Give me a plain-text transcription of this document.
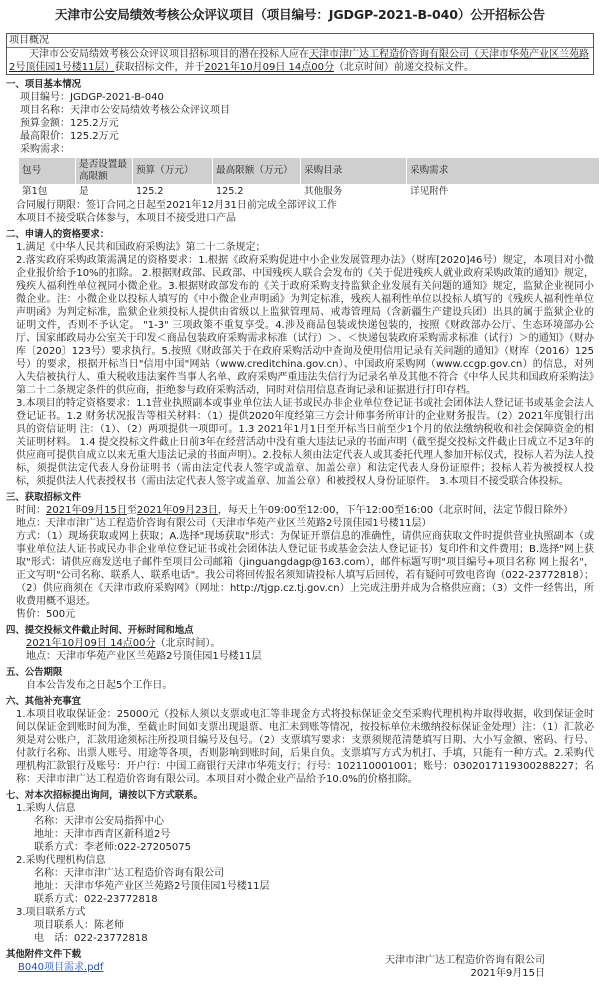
天津市公安局绩效考核公众评议项目（项目编号：JGDGP-2021-B-040）公开招标公告
项目概况
天津市公安局绩效考核公众评议项目招标项目的潜在投标人应在天津市津广达工程造价咨询有限公司（天津市华苑产业区兰苑路2号顶佳园1号楼11层）获取招标文件，并于2021年10月09日 14点00分（北京时间）前递交投标文件。
一、项目基本情况
项目编号：JGDGP-2021-B-040
项目名称：天津市公安局绩效考核公众评议项目
预算金额：125.2万元
最高限价：125.2万元
采购需求：
包号	是否设置最高限额	预算（万元）	最高限额（万元）	采购目录	采购需求
第1包	是	125.2	125.2	其他服务	详见附件
合同履行期限：签订合同之日起至2021年12月31日前完成全部评议工作
本项目不接受联合体参与，本项目不接受进口产品
二、申请人的资格要求：
1.满足《中华人民共和国政府采购法》第二十二条规定；
2.落实政府采购政策需满足的资格要求：1.根据《政府采购促进中小企业发展管理办法》（财库[2020]46号）规定，本项目对小微企业报价给予10%的扣除。 2.根据财政部、民政部、中国残疾人联合会发布的《关于促进残疾人就业政府采购政策的通知》规定，残疾人福利性单位视同小微企业。3.根据财政部发布的《关于政府采购支持监狱企业发展有关问题的通知》规定，监狱企业视同小微企业。注：小微企业以投标人填写的《中小微企业声明函》为判定标准，残疾人福利性单位以投标人填写的《残疾人福利性单位声明函》为判定标准，监狱企业须投标人提供由省级以上监狱管理局、戒毒管理局（含新疆生产建设兵团）出具的属于监狱企业的证明文件，否则不予认定。 "1-3" 三项政策不重复享受。4.涉及商品包装或快递包装的，按照《财政部办公厅、生态环境部办公厅、国家邮政局办公室关于印发＜商品包装政府采购需求标准（试行）＞、＜快递包装政府采购需求标准（试行）＞的通知》（财办库〔2020〕123号）要求执行。5.按照《财政部关于在政府采购活动中查询及使用信用记录有关问题的通知》（财库（2016）125号）的要求，根据开标当日"信用中国"网站（www.creditchina.gov.cn）、中国政府采购网（www.ccgp.gov.cn）的信息，对列入失信被执行人、重大税收违法案件当事人名单、政府采购严重违法失信行为记录名单及其他不符合《中华人民共和国政府采购法》第二十二条规定条件的供应商，拒绝参与政府采购活动，同时对信用信息查询记录和证据进行打印存档。
3.本项目的特定资格要求：1.1营业执照副本或事业单位法人证书或民办非企业单位登记证书或社会团体法人登记证书或基金会法人登记证书。1.2 财务状况报告等相关材料：（1）提供2020年度经第三方会计师事务所审计的企业财务报告。（2）2021年度银行出具的资信证明 注：（1）、（2）两项提供一项即可。1.3 2021年1月1日至开标当日前至少1个月的依法缴纳税收和社会保障资金的相关证明材料。 1.4 提交投标文件截止日前3年在经营活动中没有重大违法记录的书面声明（截至提交投标文件截止日成立不足3年的供应商可提供自成立以来无重大违法记录的书面声明）。2.投标人须由法定代表人或其委托代理人参加开标仪式，投标人若为法人投标，须提供法定代表人身份证明书（需由法定代表人签字或盖章、加盖公章）和法定代表人身份证原件；投标人若为被授权人投标，须提供法人代表授权书（需由法定代表人签字或盖章、加盖公章）和被授权人身份证原件。 3.本项目不接受联合体投标。
三、获取招标文件
时间：2021年09月15日至2021年09月23日，每天上午09:00至12:00，下午12:00至16:00（北京时间，法定节假日除外）
地点：天津市津广达工程造价咨询有限公司（天津市华苑产业区兰苑路2号顶佳园1号楼11层）
方式：（1）现场获取或网上获取；A.选择"现场获取"形式：为保证开票信息的准确性，请供应商获取文件时提供营业执照副本（或事业单位法人证书或民办非企业单位登记证书或社会团体法人登记证书或基金会法人登记证书）复印件和文件费用；B.选择"网上获取"形式：请供应商发送电子邮件至项目公司邮箱（jinguangdagp@163.com），邮件标题写明"项目编号+项目名称 网上报名"，正文写明"公司名称、联系人、联系电话"。我公司将回传报名须知请投标人填写后回传，若有疑问可致电咨询（022-23772818）；（2）供应商须在《天津市政府采购网》（网址：http://tjgp.cz.tj.gov.cn）上完成注册并成为合格供应商；（3）文件一经售出，所收费用概不退还。
售价：500元
四、提交投标文件截止时间、开标时间和地点
2021年10月09日 14点00分（北京时间）。
地点：天津市华苑产业区兰苑路2号顶佳园1号楼11层
五、公告期限
自本公告发布之日起5个工作日。
六、其他补充事宜
1.本项目收取保证金：25000元（投标人须以支票或电汇等非现金方式将投标保证金交至采购代理机构并取得收据，收到保证金时间以保证金到账时间为准，至截止时间如支票出现退票、电汇未到账等情况，按投标单位未缴纳投标保证金处理）注：（1）汇款必须是对公账户，汇款用途须标注所投项目编号及包号。（2）支票填写要求：支票须规范清楚填写日期、大小写金额、密码、行号、付款行名称、出票人账号、用途等各项，否则影响到账时间，后果自负。支票填写方式为机打、手填，只能有一种方式。2.采购代理机构汇款银行及账号：开户行：中国工商银行天津市华苑支行；行号：102110001001；账号：0302017119300288227；名称：天津市津广达工程造价咨询有限公司。本项目对小微企业产品给予10.0%的价格扣除。
七、对本次招标提出询问，请按以下方式联系。
1.采购人信息
名称：天津市公安局指挥中心
地址：天津市西青区新科道2号
联系方式：李老师:022-27205075
2.采购代理机构信息
名称：天津市津广达工程造价咨询有限公司
地址：天津市华苑产业区兰苑路2号顶佳园1号楼11层
联系方式：022-23772818
3.项目联系方式
项目联系人：陈老师
电　话：022-23772818
其他附件文件下载
B040项目需求.pdf
天津市津广达工程造价咨询有限公司
2021年9月15日
